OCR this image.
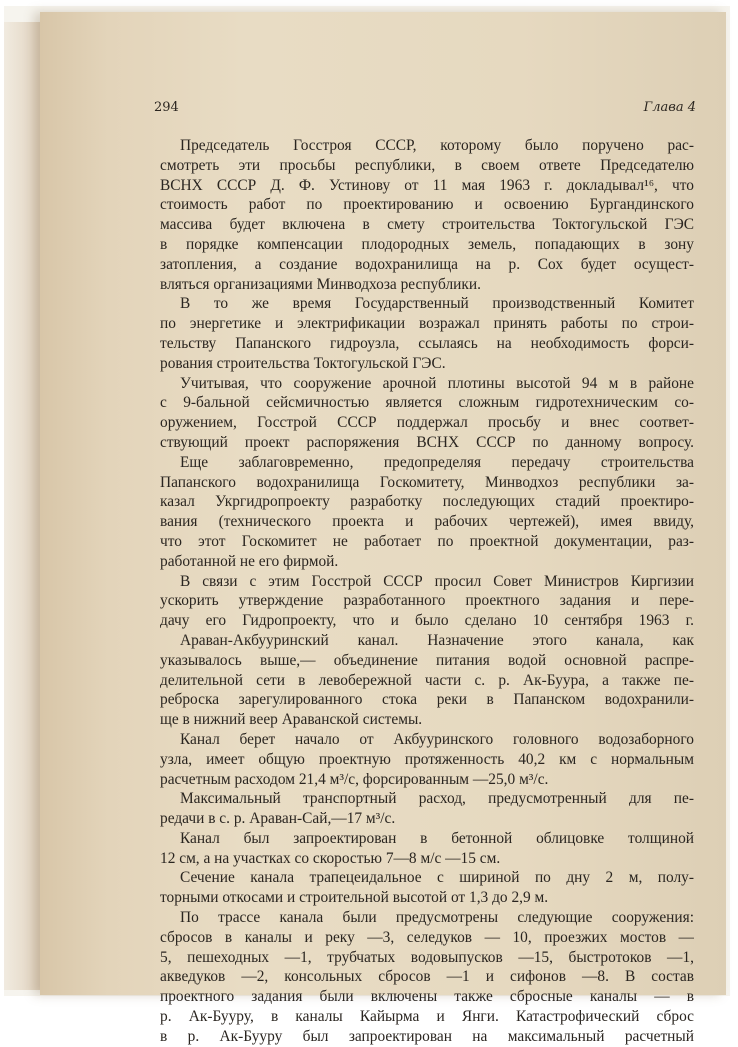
294	Глава 4
Председатель Госстроя СССР, которому было поручено рас-
смотреть эти просьбы республики, в своем ответе Председателю
ВСНХ СССР Д. Ф. Устинову от 11 мая 1963 г. докладывал¹⁶, что
стоимость работ по проектированию и освоению Бургандинского
массива будет включена в смету строительства Токтогульской ГЭС
в порядке компенсации плодородных земель, попадающих в зону
затопления, а создание водохранилища на р. Сох будет осущест-
вляться организациями Минводхоза республики.
В то же время Государственный производственный Комитет
по энергетике и электрификации возражал принять работы по строи-
тельству Папанского гидроузла, ссылаясь на необходимость форси-
рования строительства Токтогульской ГЭС.
Учитывая, что сооружение арочной плотины высотой 94 м в районе
с 9-бальной сейсмичностью является сложным гидротехническим со-
оружением, Госстрой СССР поддержал просьбу и внес соответ-
ствующий проект распоряжения ВСНХ СССР по данному вопросу.
Еще заблаговременно, предопределяя передачу строительства
Папанского водохранилища Госкомитету, Минводхоз республики за-
казал Укргидропроекту разработку последующих стадий проектиро-
вания (технического проекта и рабочих чертежей), имея ввиду,
что этот Госкомитет не работает по проектной документации, раз-
работанной не его фирмой.
В связи с этим Госстрой СССР просил Совет Министров Киргизии
ускорить утверждение разработанного проектного задания и пере-
дачу его Гидропроекту, что и было сделано 10 сентября 1963 г.
Араван-Акбууринский канал. Назначение этого канала, как
указывалось выше,— объединение питания водой основной распре-
делительной сети в левобережной части с. р. Ак-Буура, а также пе-
реброска зарегулированного стока реки в Папанском водохранили-
ще в нижний веер Араванской системы.
Канал берет начало от Акбууринского головного водозаборного
узла, имеет общую проектную протяженность 40,2 км с нормальным
расчетным расходом 21,4 м³/с, форсированным —25,0 м³/с.
Максимальный транспортный расход, предусмотренный для пе-
редачи в с. р. Араван-Сай,—17 м³/с.
Канал был запроектирован в бетонной облицовке толщиной
12 см, а на участках со скоростью 7—8 м/с —15 см.
Сечение канала трапецеидальное с шириной по дну 2 м, полу-
торными откосами и строительной высотой от 1,3 до 2,9 м.
По трассе канала были предусмотрены следующие сооружения:
сбросов в каналы и реку —3, селедуков — 10, проезжих мостов —
5, пешеходных —1, трубчатых водовыпусков —15, быстротоков —1,
акведуков —2, консольных сбросов —1 и сифонов —8. В состав
проектного задания были включены также сбросные каналы — в
р. Ак-Бууру, в каналы Кайырма и Янги. Катастрофический сброс
в р. Ак-Бууру был запроектирован на максимальный расчетный
